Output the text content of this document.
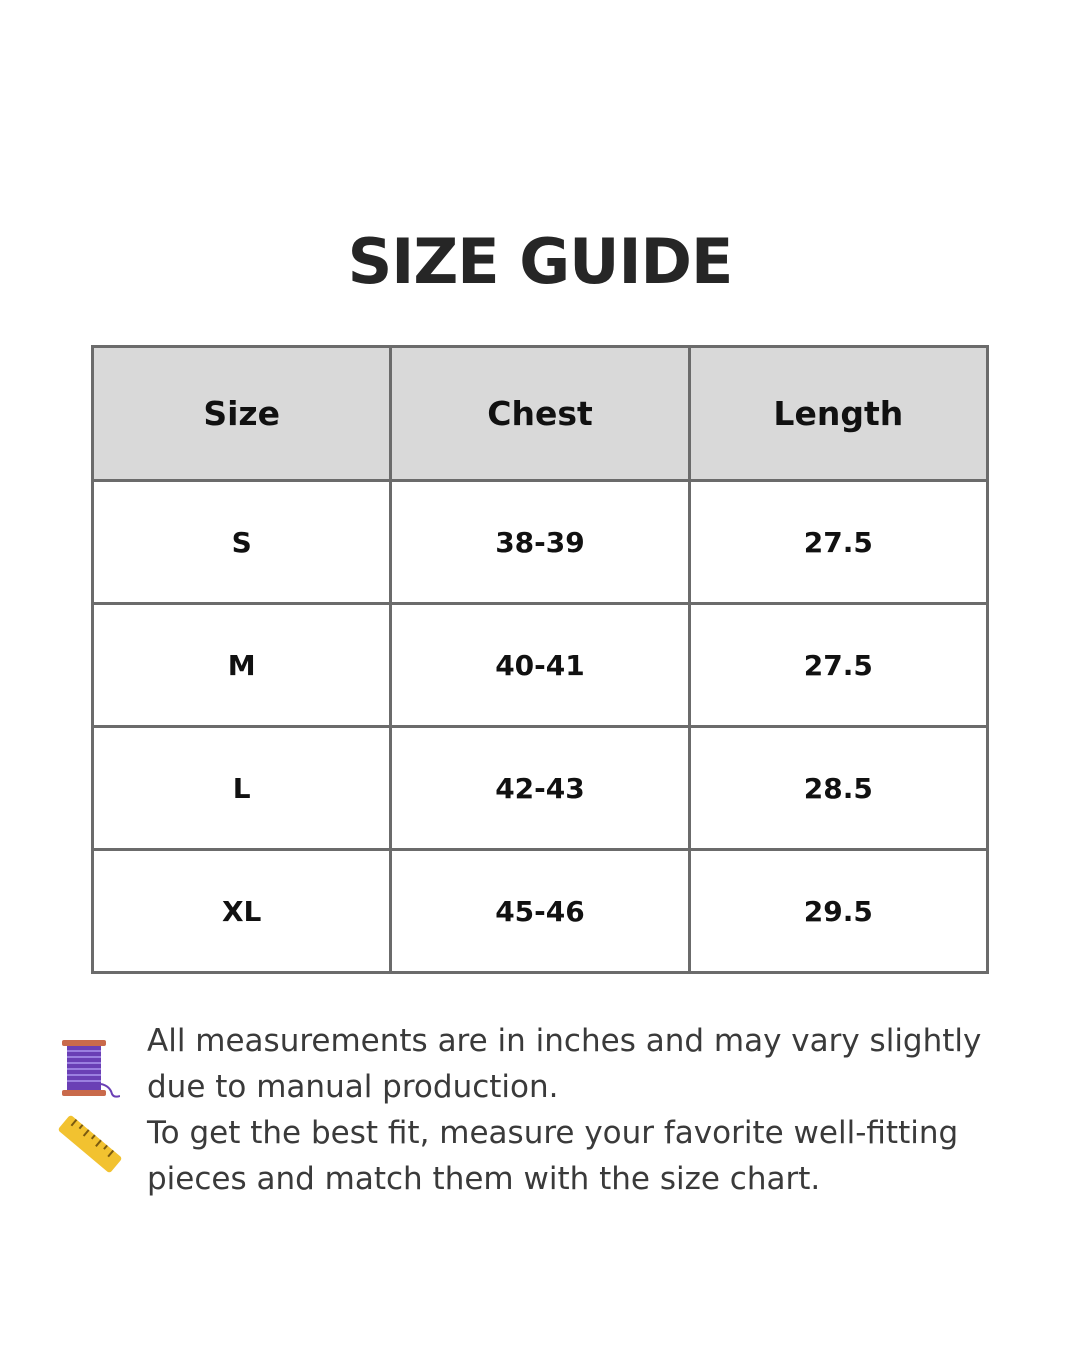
SIZE GUIDE
Size	Chest	Length
S	38-39	27.5
M	40-41	27.5
L	42-43	28.5
XL	45-46	29.5
All measurements are in inches and may vary slightly due to manual production.
To get the best fit, measure your favorite well-fitting pieces and match them with the size chart.
